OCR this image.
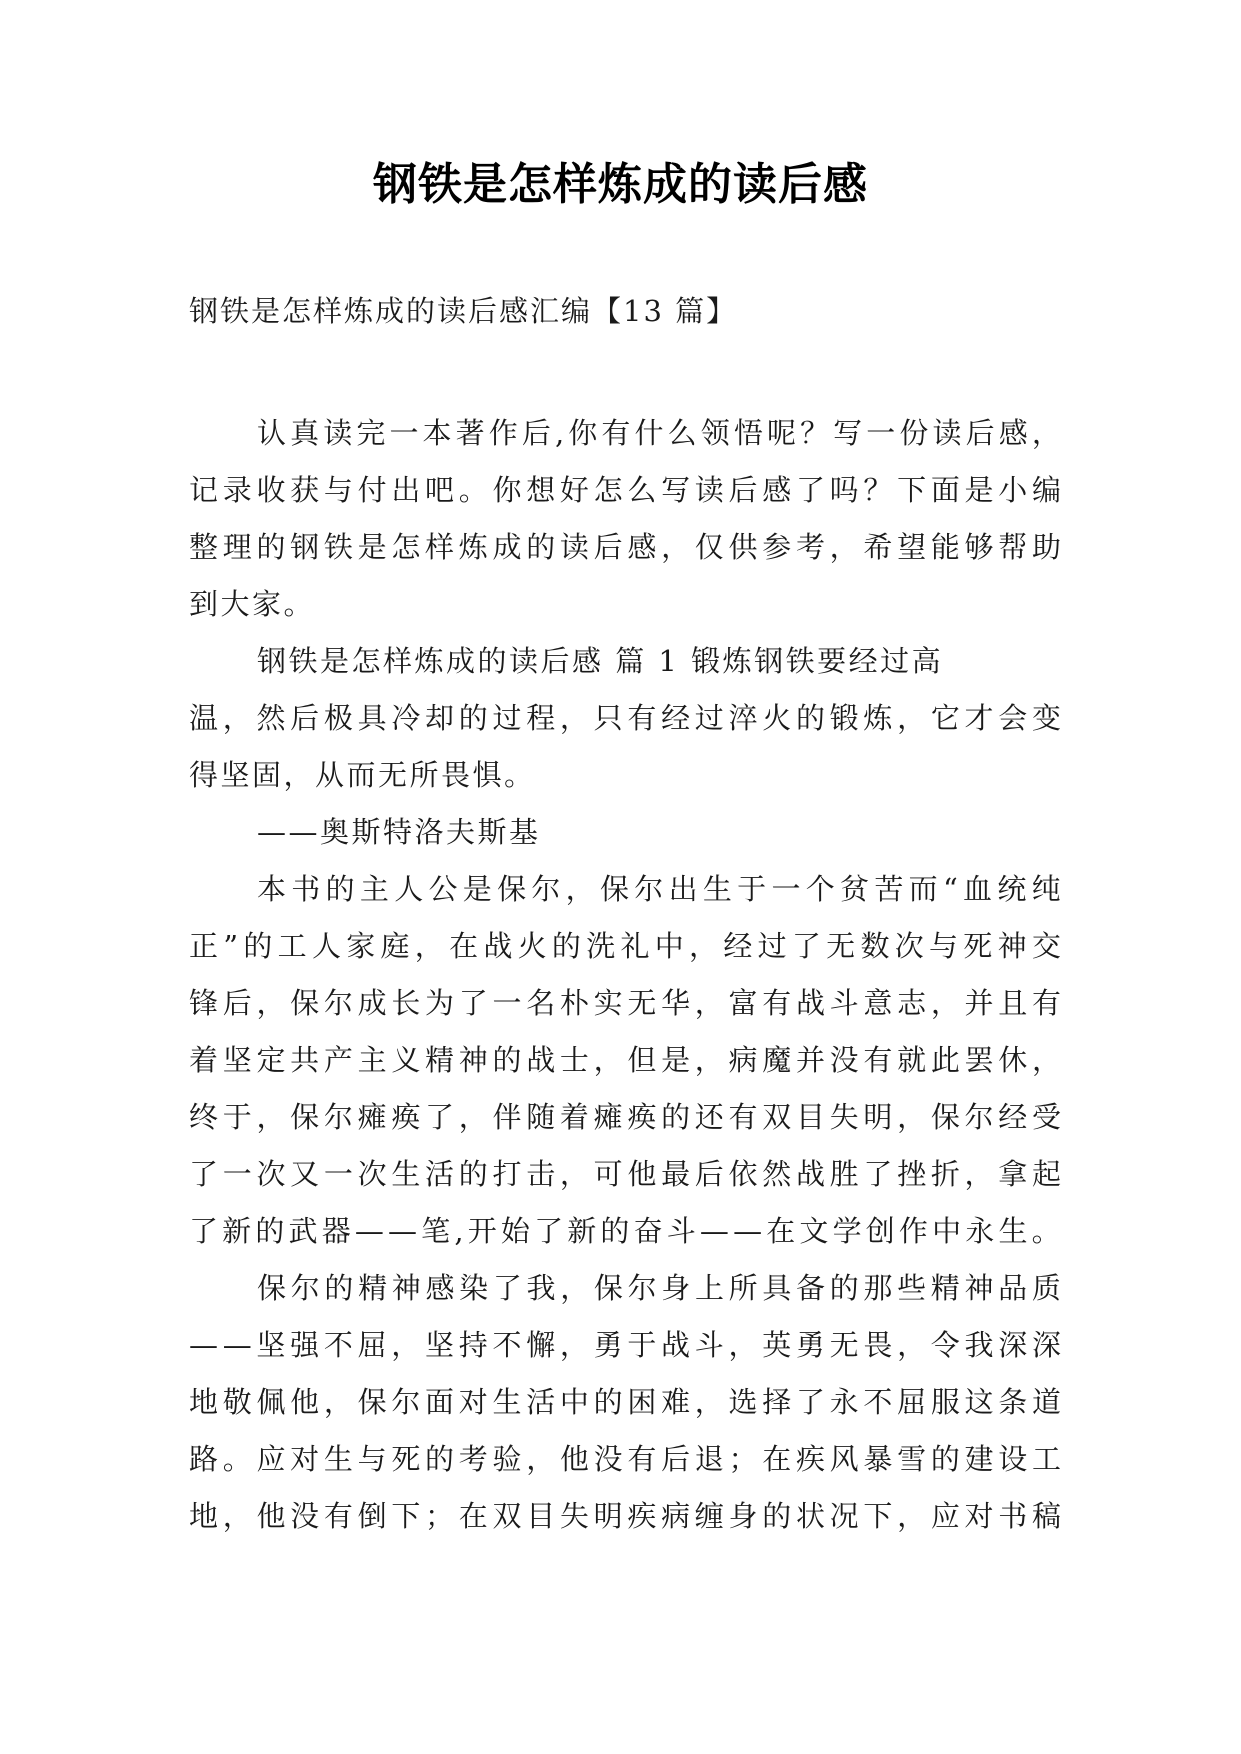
钢铁是怎样炼成的读后感
钢铁是怎样炼成的读后感汇编【13 篇】
认 真 读 完 一 本 著 作 后 , 你 有 什 么 领 悟 呢 ？ 写 一 份 读 后 感 ，
记 录 收 获 与 付 出 吧 。 你 想 好 怎 么 写 读 后 感 了 吗 ？ 下 面 是 小 编
整 理 的 钢 铁 是 怎 样 炼 成 的 读 后 感 ， 仅 供 参 考 ， 希 望 能 够 帮 助
到大家。
钢铁是怎样炼成的读后感 篇 1 锻炼钢铁要经过高
温 ， 然 后 极 具 冷 却 的 过 程 ， 只 有 经 过 淬 火 的 锻 炼 ， 它 才 会 变
得坚固，从而无所畏惧。
——奥斯特洛夫斯基
本 书 的 主 人 公 是 保 尔 ， 保 尔 出 生 于 一 个 贫 苦 而 “ 血 统 纯
正 ” 的 工 人 家 庭 ， 在 战 火 的 洗 礼 中 ， 经 过 了 无 数 次 与 死 神 交
锋 后 ， 保 尔 成 长 为 了 一 名 朴 实 无 华 ， 富 有 战 斗 意 志 ， 并 且 有
着 坚 定 共 产 主 义 精 神 的 战 士 ， 但 是 ， 病 魔 并 没 有 就 此 罢 休 ，
终 于 ， 保 尔 瘫 痪 了 ， 伴 随 着 瘫 痪 的 还 有 双 目 失 明 ， 保 尔 经 受
了 一 次 又 一 次 生 活 的 打 击 ， 可 他 最 后 依 然 战 胜 了 挫 折 ， 拿 起
了 新 的 武 器 — — 笔 , 开 始 了 新 的 奋 斗 — — 在 文 学 创 作 中 永 生 。
保 尔 的 精 神 感 染 了 我 ， 保 尔 身 上 所 具 备 的 那 些 精 神 品 质
— — 坚 强 不 屈 ， 坚 持 不 懈 ， 勇 于 战 斗 ， 英 勇 无 畏 ， 令 我 深 深
地 敬 佩 他 ， 保 尔 面 对 生 活 中 的 困 难 ， 选 择 了 永 不 屈 服 这 条 道
路 。 应 对 生 与 死 的 考 验 ， 他 没 有 后 退 ； 在 疾 风 暴 雪 的 建 设 工
地 ， 他 没 有 倒 下 ； 在 双 目 失 明 疾 病 缠 身 的 状 况 下 ， 应 对 书 稿
